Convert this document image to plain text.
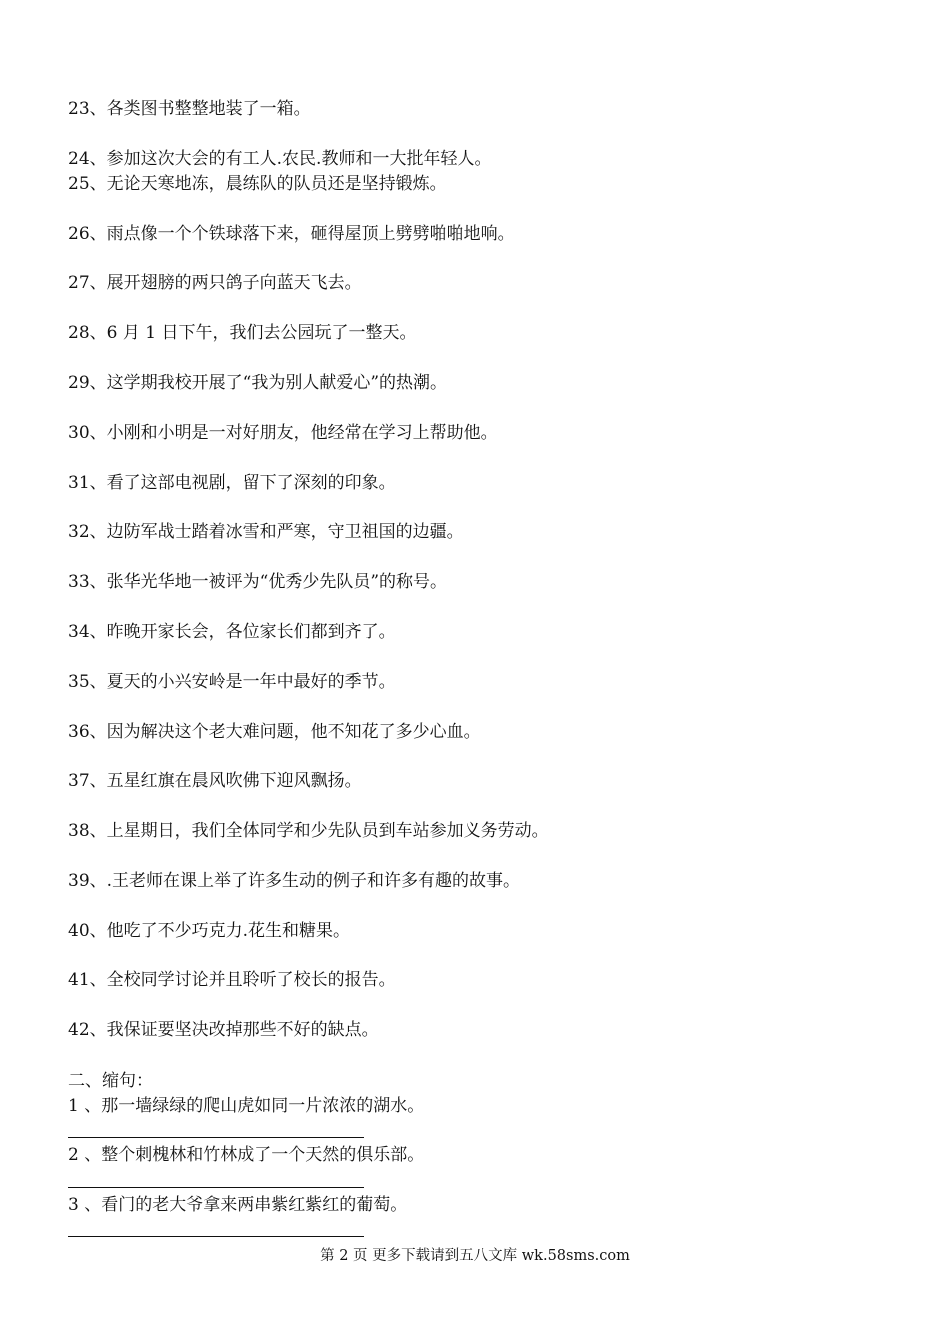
23、各类图书整整地装了一箱。
24、参加这次大会的有工人.农民.教师和一大批年轻人。
25、无论天寒地冻，晨练队的队员还是坚持锻炼。
26、雨点像一个个铁球落下来，砸得屋顶上劈劈啪啪地响。
27、展开翅膀的两只鸽子向蓝天飞去。
28、6 月 1 日下午，我们去公园玩了一整天。
29、这学期我校开展了“我为别人献爱心”的热潮。
30、小刚和小明是一对好朋友，他经常在学习上帮助他。
31、看了这部电视剧，留下了深刻的印象。
32、边防军战士踏着冰雪和严寒，守卫祖国的边疆。
33、张华光华地一被评为“优秀少先队员”的称号。
34、昨晚开家长会，各位家长们都到齐了。
35、夏天的小兴安岭是一年中最好的季节。
36、因为解决这个老大难问题，他不知花了多少心血。
37、五星红旗在晨风吹佛下迎风飘扬。
38、上星期日，我们全体同学和少先队员到车站参加义务劳动。
39、.王老师在课上举了许多生动的例子和许多有趣的故事。
40、他吃了不少巧克力.花生和糖果。
41、全校同学讨论并且聆听了校长的报告。
42、我保证要坚决改掉那些不好的缺点。
二、缩句：
1 、那一墙绿绿的爬山虎如同一片浓浓的湖水。
2 、整个刺槐林和竹林成了一个天然的俱乐部。
3 、看门的老大爷拿来两串紫红紫红的葡萄。
第 2 页 更多下载请到五八文库 wk.58sms.com
